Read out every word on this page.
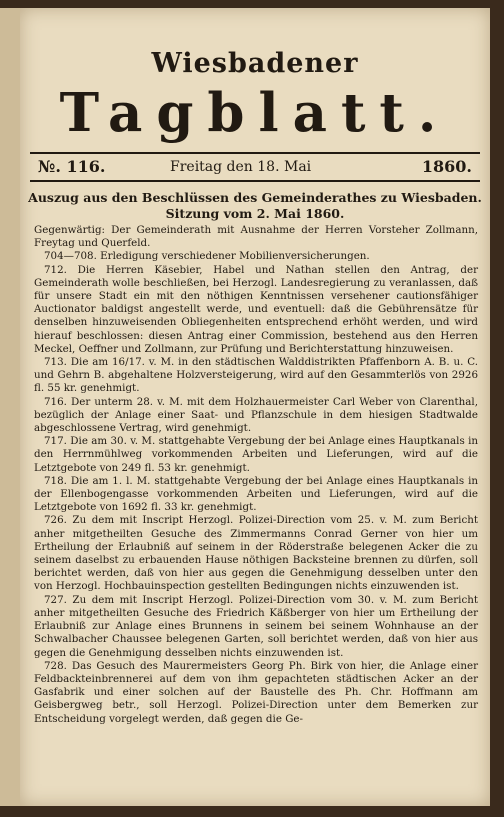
Wiesbadener
Tagblatt.
№. 116.	Freitag den 18. Mai	1860.
Auszug aus den Beschlüssen des Gemeinderathes zu Wiesbaden.
Sitzung vom 2. Mai 1860.

Gegenwärtig: Der Gemeinderath mit Ausnahme der Herren Vorsteher Zollmann, Freytag und Querfeld.

704—708. Erledigung verschiedener Mobilienversicherungen.

712. Die Herren Käsebier, Habel und Nathan stellen den Antrag, der Gemeinderath wolle beschließen, bei Herzogl. Landesregierung zu veranlassen, daß für unsere Stadt ein mit den nöthigen Kenntnissen versehener cautionsfähiger Auctionator baldigst angestellt werde, und eventuell: daß die Gebührensätze für denselben hinzuweisenden Obliegenheiten entsprechend erhöht werden, und wird hierauf beschlossen: diesen Antrag einer Commission, bestehend aus den Herren Meckel, Oeffner und Zollmann, zur Prüfung und Berichterstattung hinzuweisen.

713. Die am 16/17. v. M. in den städtischen Walddistrikten Pfaffenborn A. B. u. C. und Gehrn B. abgehaltene Holzversteigerung, wird auf den Gesammterlös von 2926 fl. 55 kr. genehmigt.

716. Der unterm 28. v. M. mit dem Holzhauermeister Carl Weber von Clarenthal, bezüglich der Anlage einer Saat- und Pflanzschule in dem hiesigen Stadtwalde abgeschlossene Vertrag, wird genehmigt.

717. Die am 30. v. M. stattgehabte Vergebung der bei Anlage eines Hauptkanals in den Herrnmühlweg vorkommenden Arbeiten und Lieferungen, wird auf die Letztgebote von 249 fl. 53 kr. genehmigt.

718. Die am 1. l. M. stattgehabte Vergebung der bei Anlage eines Hauptkanals in der Ellenbogengasse vorkommenden Arbeiten und Lieferungen, wird auf die Letztgebote von 1692 fl. 33 kr. genehmigt.

726. Zu dem mit Inscript Herzogl. Polizei-Direction vom 25. v. M. zum Bericht anher mitgetheilten Gesuche des Zimmermanns Conrad Gerner von hier um Ertheilung der Erlaubniß auf seinem in der Röderstraße belegenen Acker die zu seinem daselbst zu erbauenden Hause nöthigen Backsteine brennen zu dürfen, soll berichtet werden, daß von hier aus gegen die Genehmigung desselben unter den von Herzogl. Hochbauinspection gestellten Bedingungen nichts einzuwenden ist.

727. Zu dem mit Inscript Herzogl. Polizei-Direction vom 30. v. M. zum Bericht anher mitgetheilten Gesuche des Friedrich Käßberger von hier um Ertheilung der Erlaubniß zur Anlage eines Brunnens in seinem bei seinem Wohnhause an der Schwalbacher Chaussee belegenen Garten, soll berichtet werden, daß von hier aus gegen die Genehmigung desselben nichts einzuwenden ist.

728. Das Gesuch des Maurermeisters Georg Ph. Birk von hier, die Anlage einer Feldbackteinbrennerei auf dem von ihm gepachteten städtischen Acker an der Gasfabrik und einer solchen auf der Baustelle des Ph. Chr. Hoffmann am Geisbergweg betr., soll Herzogl. Polizei-Direction unter dem Bemerken zur Entscheidung vorgelegt werden, daß gegen die Ge-
